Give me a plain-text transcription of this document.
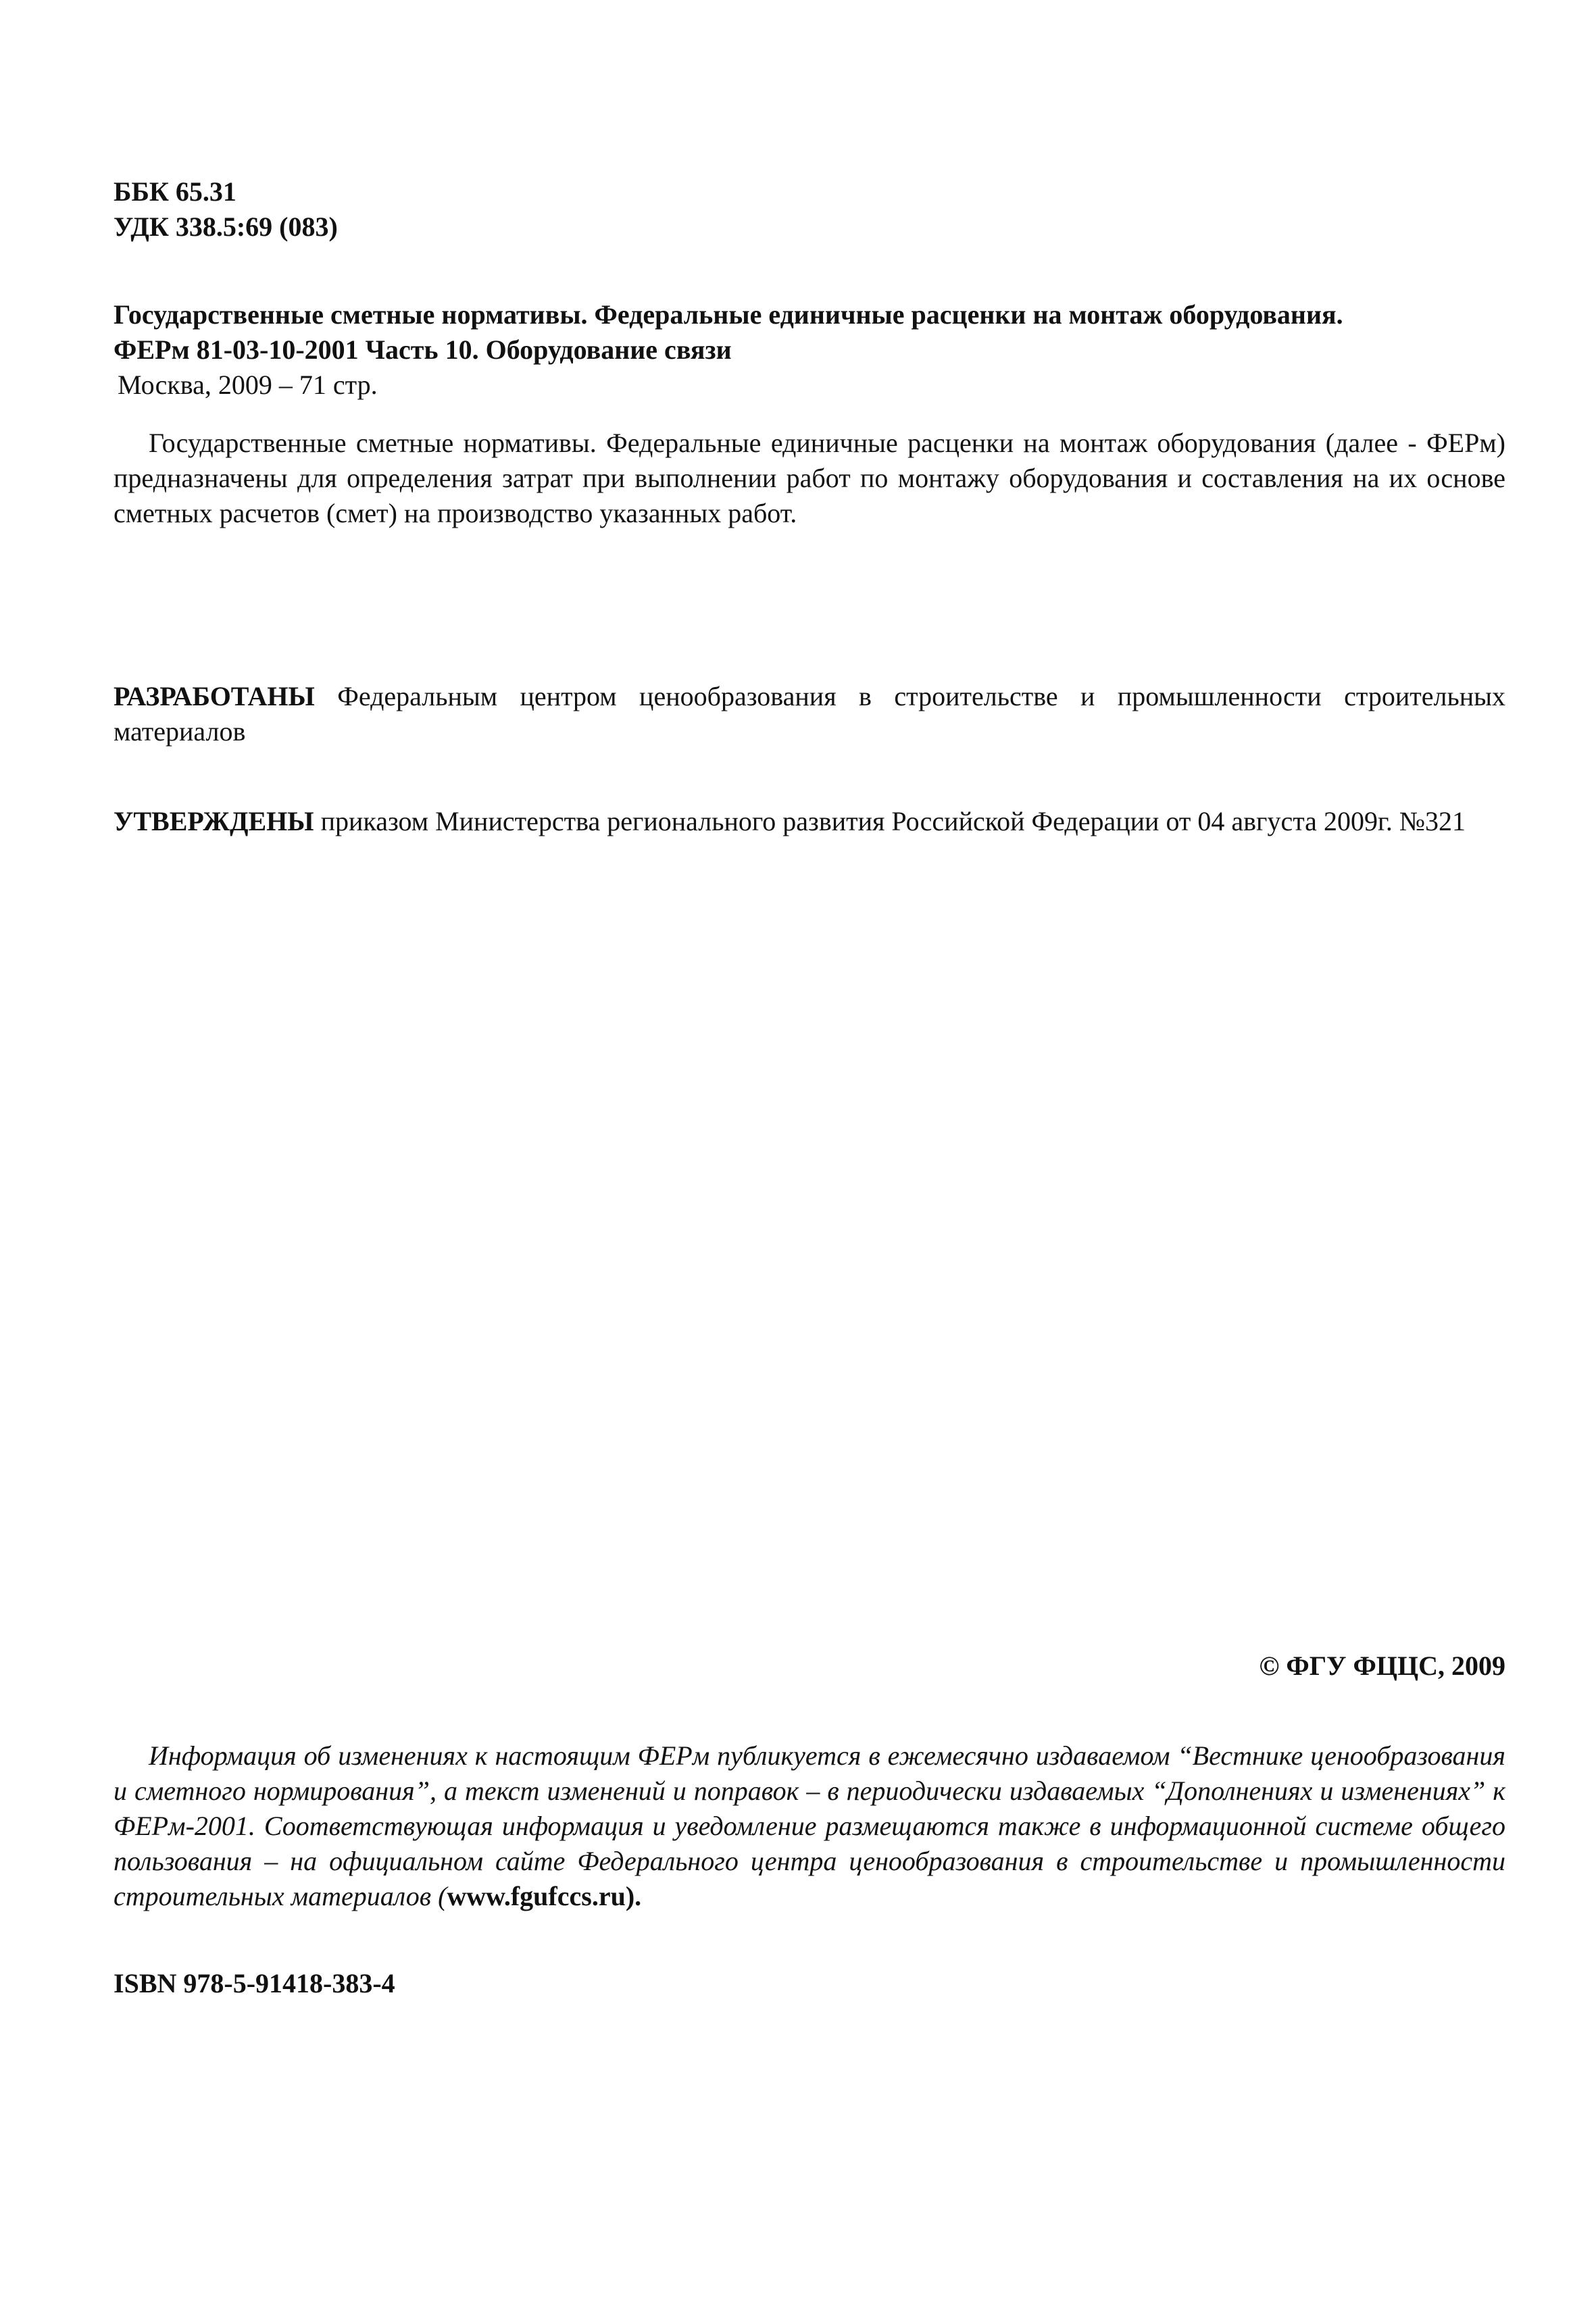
ББК 65.31

УДК 338.5:69 (083)

Государственные сметные нормативы. Федеральные единичные расценки на монтаж оборудования.

ФЕРм 81-03-10-2001 Часть 10. Оборудование связи

Москва, 2009 – 71 стр.

Государственные сметные нормативы. Федеральные единичные расценки на монтаж оборудования (далее - ФЕРм) предназначены для определения затрат при выполнении работ по монтажу оборудования и составления на их основе сметных расчетов (смет) на производство указанных работ.
РАЗРАБОТАНЫ Федеральным центром ценообразования в строительстве и промышленности строительных материалов
УТВЕРЖДЕНЫ приказом Министерства регионального развития Российской Федерации от 04 августа 2009г. №321
© ФГУ ФЦЦС, 2009
Информация об изменениях к настоящим ФЕРм публикуется в ежемесячно издаваемом “Вестнике ценообразования и сметного нормирования”, а текст изменений и поправок – в периодически издаваемых “Дополнениях и изменениях” к ФЕРм-2001. Соответствующая информация и уведомление размещаются также в информационной системе общего пользования – на официальном сайте Федерального центра ценообразования в строительстве и промышленности строительных материалов (www.fgufccs.ru).
ISBN 978-5-91418-383-4
